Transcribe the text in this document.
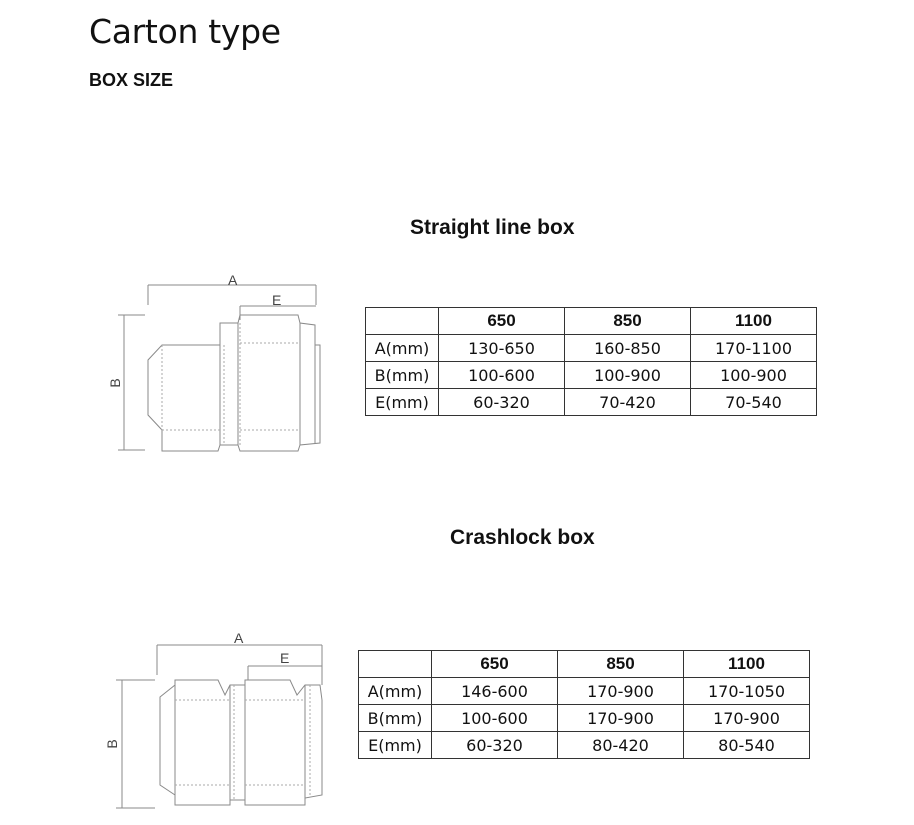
Carton type
BOX SIZE
Straight line box
A
E
B
	650	850	1100
A(mm)	130-650	160-850	170-1100
B(mm)	100-600	100-900	100-900
E(mm)	60-320	70-420	70-540
Crashlock box
A
E
B
	650	850	1100
A(mm)	146-600	170-900	170-1050
B(mm)	100-600	170-900	170-900
E(mm)	60-320	80-420	80-540
